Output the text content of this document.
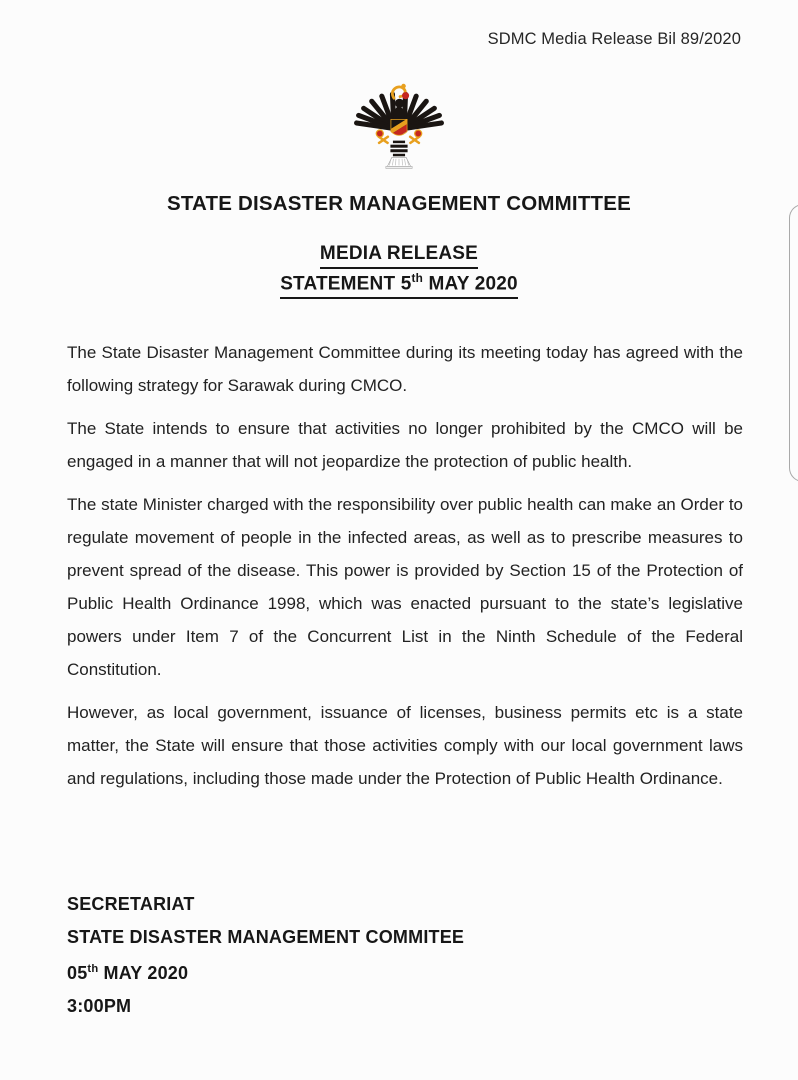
SDMC Media Release Bil 89/2020
STATE DISASTER MANAGEMENT COMMITTEE
MEDIA RELEASE
STATEMENT 5th MAY 2020

The State Disaster Management Committee during its meeting today has agreed with the following strategy for Sarawak during CMCO.

The State intends to ensure that activities no longer prohibited by the CMCO will be engaged in a manner that will not jeopardize the protection of public health.

The state Minister charged with the responsibility over public health can make an Order to regulate movement of people in the infected areas, as well as to prescribe measures to prevent spread of the disease. This power is provided by Section 15 of the Protection of Public Health Ordinance 1998, which was enacted pursuant to the state’s legislative powers under Item 7 of the Concurrent List in the Ninth Schedule of the Federal Constitution.

However, as local government, issuance of licenses, business permits etc is a state matter, the State will ensure that those activities comply with our local government laws and regulations, including those made under the Protection of Public Health Ordinance.

SECRETARIAT
STATE DISASTER MANAGEMENT COMMITEE
05th MAY 2020
3:00PM
